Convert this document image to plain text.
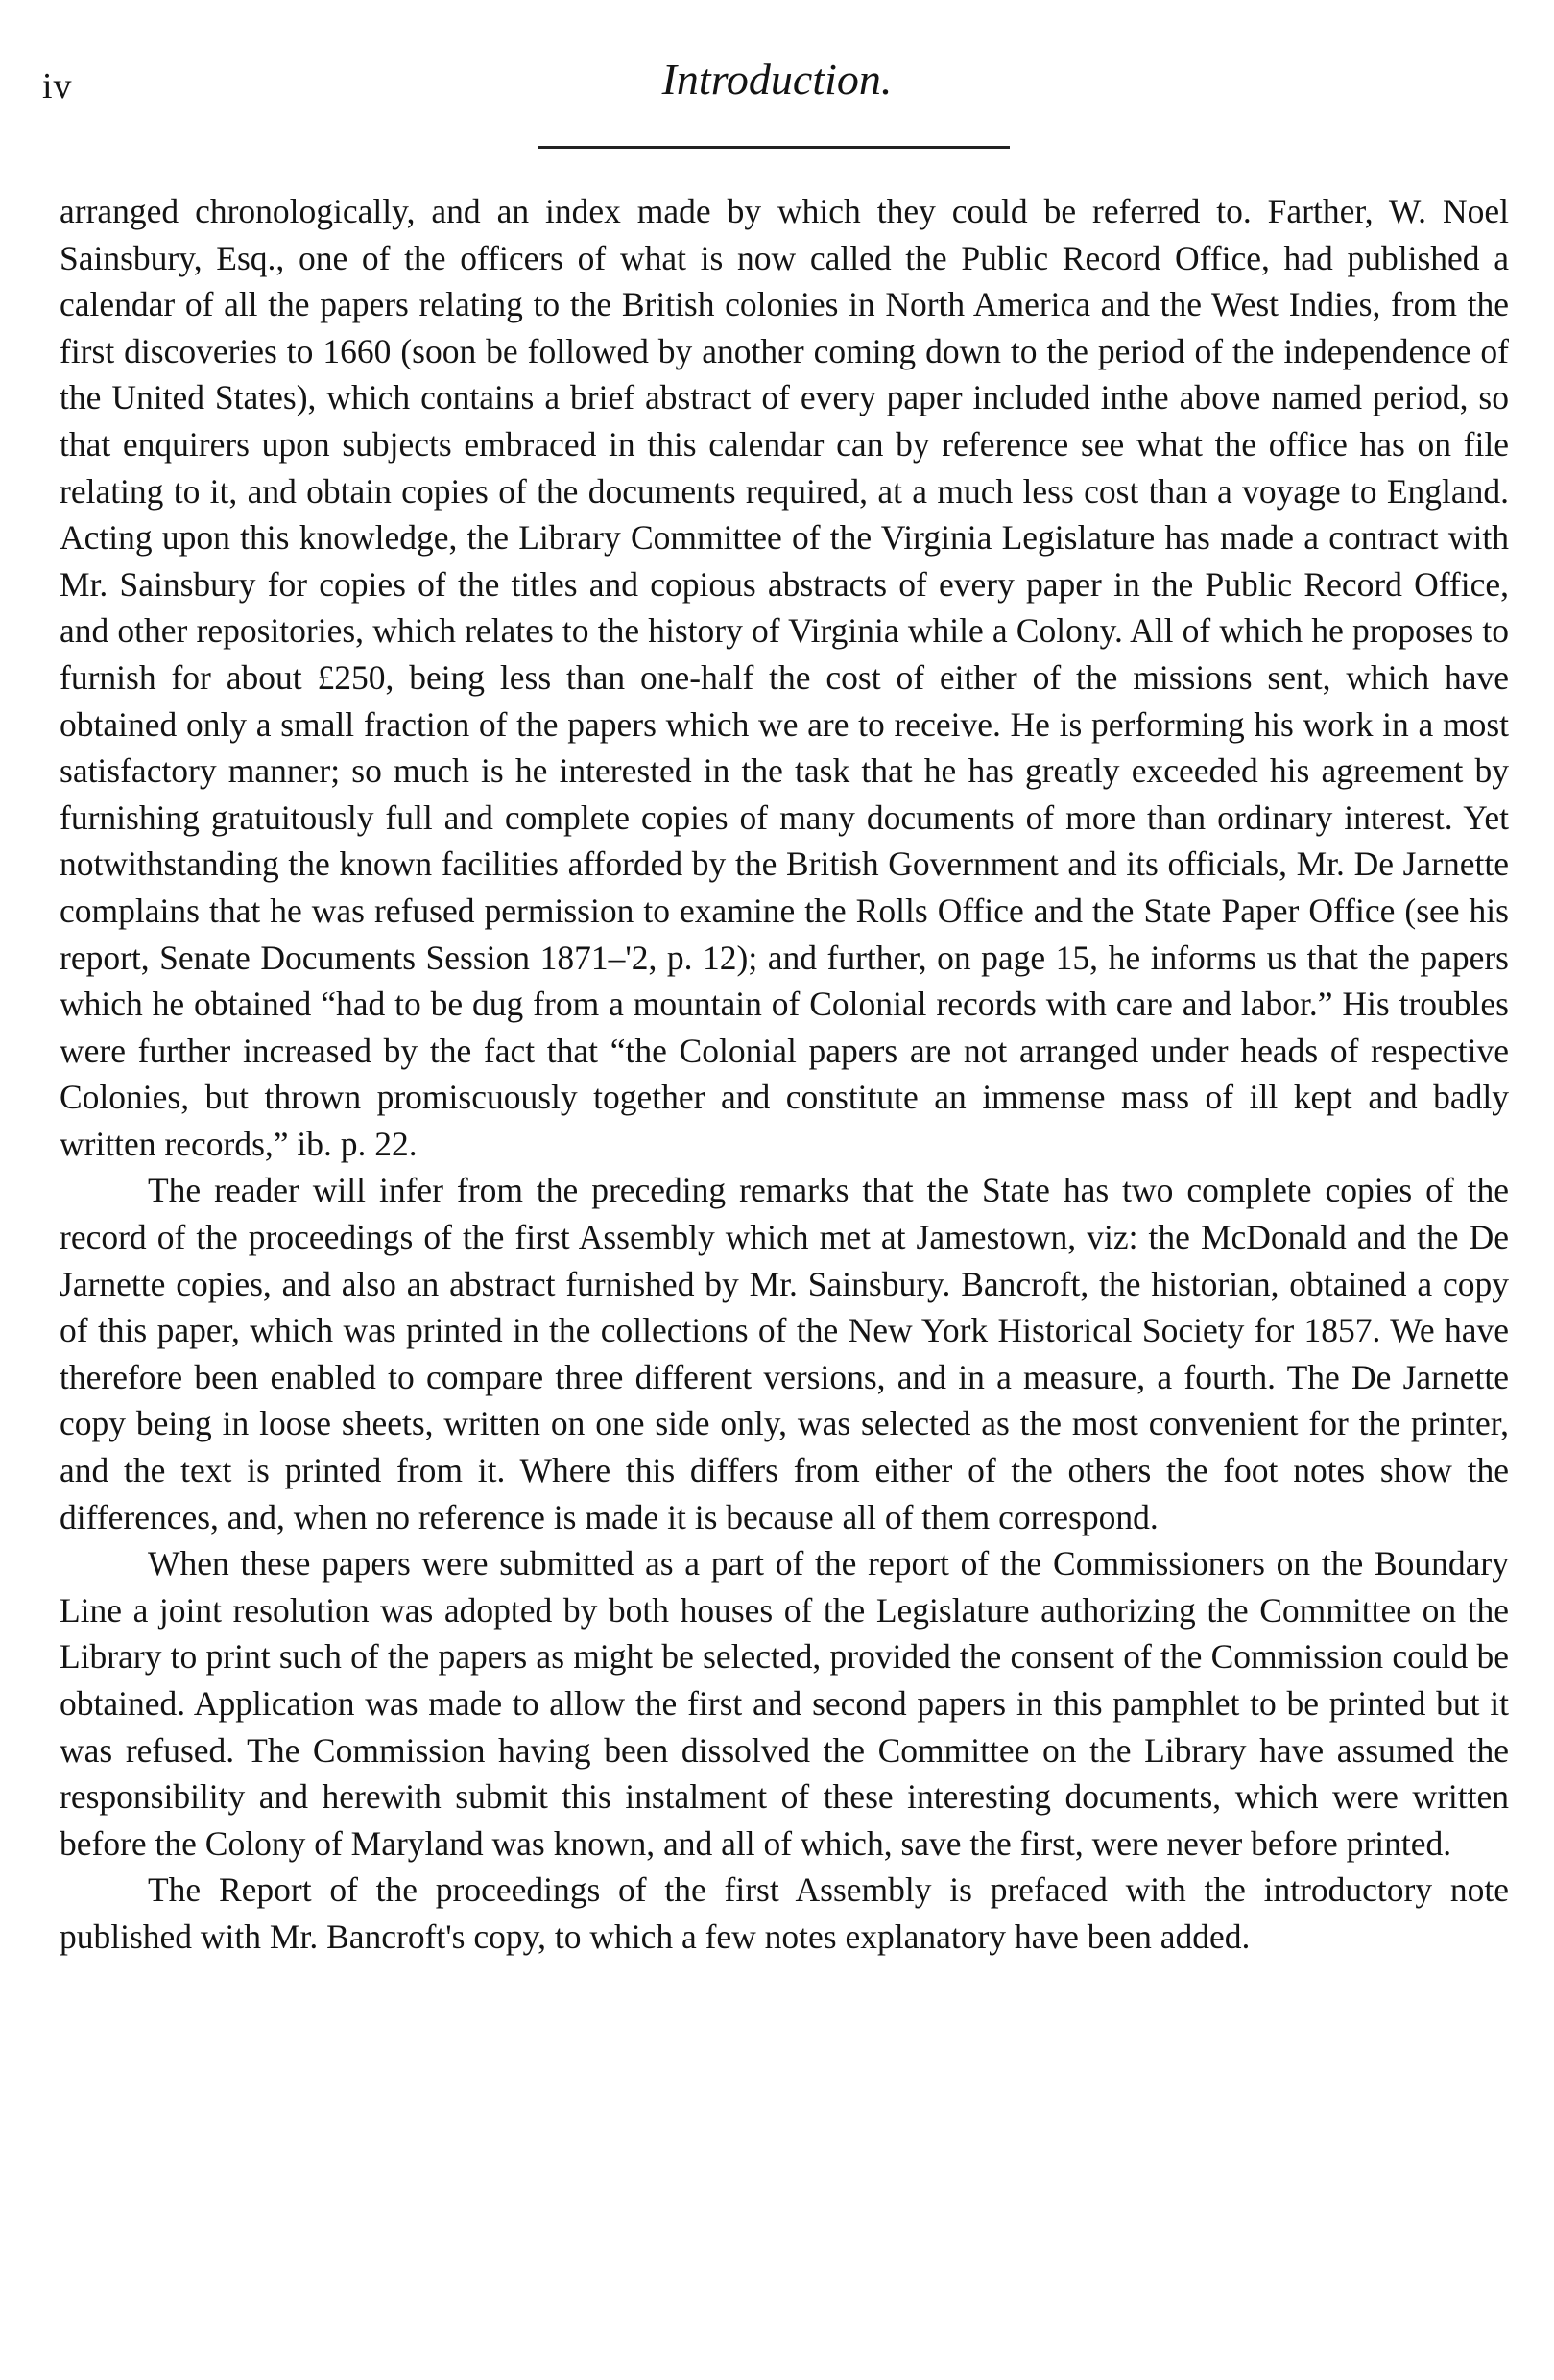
iv	Introduction.

arranged chronologically, and an index made by which they could be referred to. Farther, W. Noel Sainsbury, Esq., one of the officers of what is now called the Public Record Office, had published a calendar of all the papers relating to the British colonies in North America and the West Indies, from the first discoveries to 1660 (soon be followed by another coming down to the period of the independence of the United States), which contains a brief abstract of every paper included inthe above named period, so that enquirers upon subjects embraced in this calendar can by reference see what the office has on file relating to it, and obtain copies of the documents required, at a much less cost than a voyage to England. Acting upon this knowledge, the Library Committee of the Virginia Legislature has made a contract with Mr. Sainsbury for copies of the titles and copious abstracts of every paper in the Public Record Office, and other repositories, which relates to the history of Virginia while a Colony. All of which he proposes to furnish for about £250, being less than one-half the cost of either of the missions sent, which have obtained only a small fraction of the papers which we are to receive. He is performing his work in a most satisfactory manner; so much is he interested in the task that he has greatly exceeded his agreement by furnishing gratuitously full and complete copies of many documents of more than ordinary interest. Yet notwithstanding the known facilities afforded by the British Government and its officials, Mr. De Jarnette complains that he was refused permission to examine the Rolls Office and the State Paper Office (see his report, Senate Documents Session 1871–'2, p. 12); and further, on page 15, he informs us that the papers which he obtained “had to be dug from a mountain of Colonial records with care and labor.” His troubles were further increased by the fact that “the Colonial papers are not arranged under heads of respective Colonies, but thrown promiscuously together and constitute an immense mass of ill kept and badly written records,” ib. p. 22.

The reader will infer from the preceding remarks that the State has two complete copies of the record of the proceedings of the first Assembly which met at Jamestown, viz: the McDonald and the De Jarnette copies, and also an abstract furnished by Mr. Sainsbury. Bancroft, the historian, obtained a copy of this paper, which was printed in the collections of the New York Historical Society for 1857. We have therefore been enabled to compare three different versions, and in a measure, a fourth. The De Jarnette copy being in loose sheets, written on one side only, was selected as the most convenient for the printer, and the text is printed from it. Where this differs from either of the others the foot notes show the differences, and, when no reference is made it is because all of them correspond.

When these papers were submitted as a part of the report of the Commissioners on the Boundary Line a joint resolution was adopted by both houses of the Legislature authorizing the Committee on the Library to print such of the papers as might be selected, provided the consent of the Commission could be obtained. Application was made to allow the first and second papers in this pamphlet to be printed but it was refused. The Commission having been dissolved the Committee on the Library have assumed the responsibility and herewith submit this instalment of these interesting documents, which were written before the Colony of Maryland was known, and all of which, save the first, were never before printed.

The Report of the proceedings of the first Assembly is prefaced with the introductory note published with Mr. Bancroft's copy, to which a few notes explanatory have been added.
